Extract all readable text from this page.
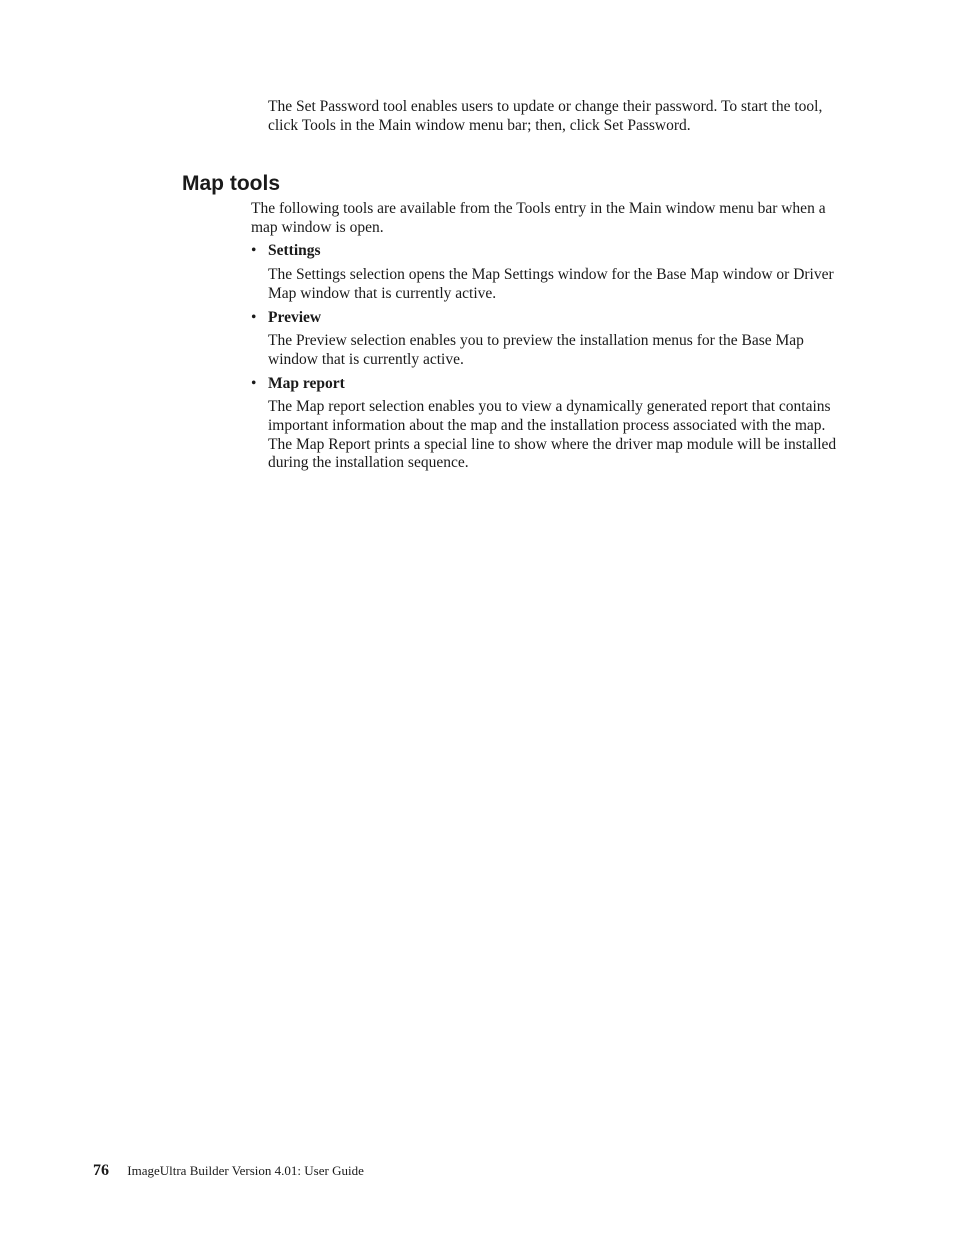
The Set Password tool enables users to update or change their password. To start the tool, click Tools in the Main window menu bar; then, click Set Password.

Map tools

The following tools are available from the Tools entry in the Main window menu bar when a map window is open.

• Settings
The Settings selection opens the Map Settings window for the Base Map window or Driver Map window that is currently active.
• Preview
The Preview selection enables you to preview the installation menus for the Base Map window that is currently active.
• Map report
The Map report selection enables you to view a dynamically generated report that contains important information about the map and the installation process associated with the map. The Map Report prints a special line to show where the driver map module will be installed during the installation sequence.
76 ImageUltra Builder Version 4.01: User Guide
